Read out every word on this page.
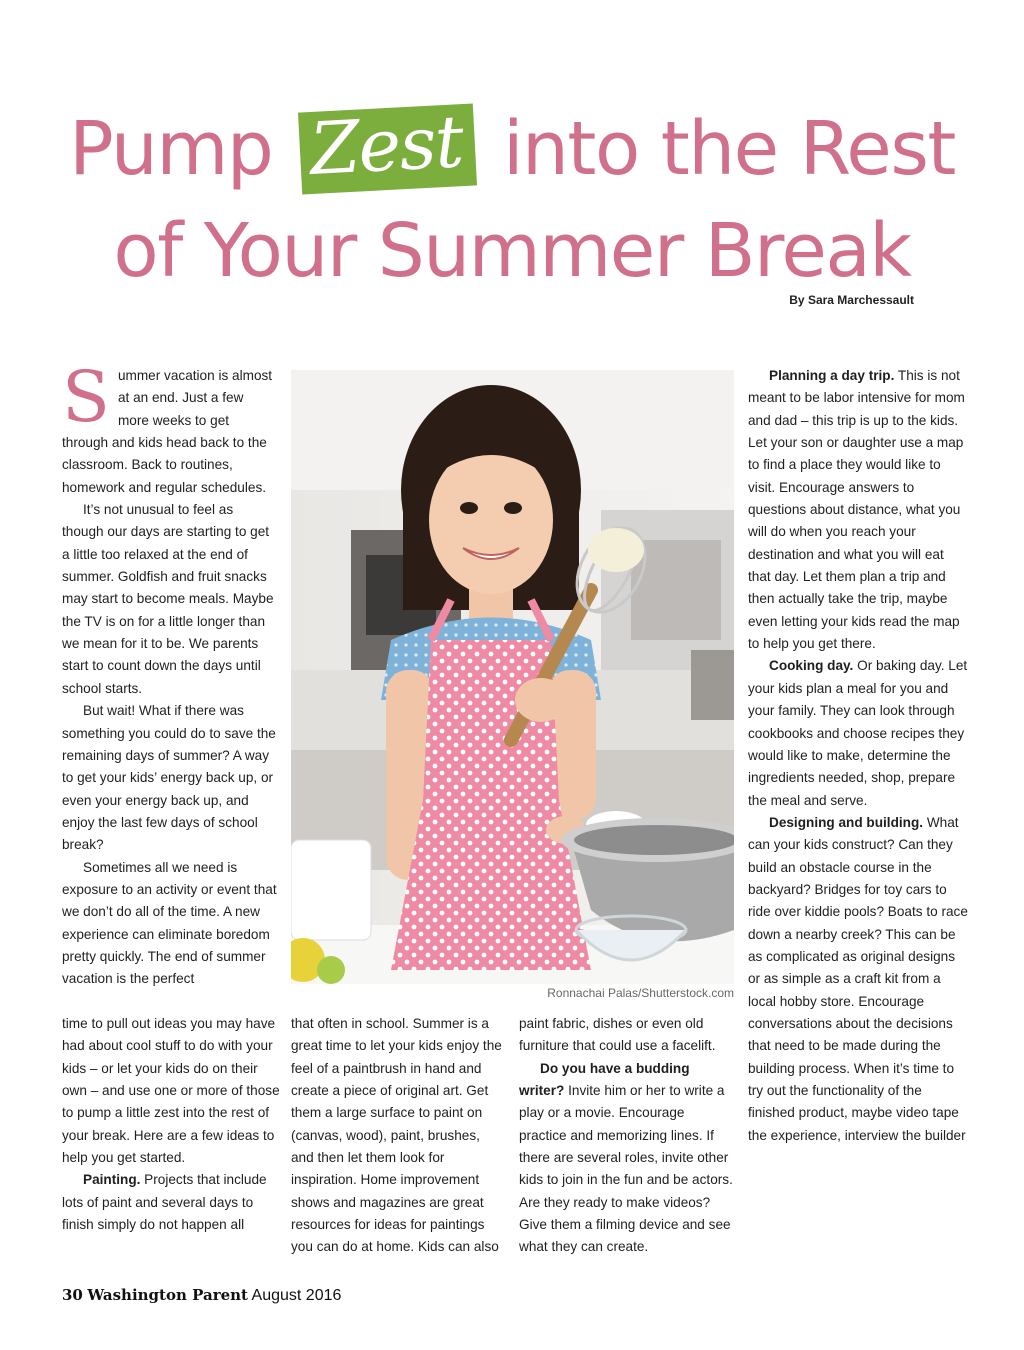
Pump Zest into the Rest
of Your Summer Break
By Sara Marchessault

Summer vacation is almost at an end. Just a few more weeks to get through and kids head back to the classroom. Back to routines, homework and regular schedules.

It’s not unusual to feel as though our days are starting to get a little too relaxed at the end of summer. Goldfish and fruit snacks may start to become meals. Maybe the TV is on for a little longer than we mean for it to be. We parents start to count down the days until school starts.

But wait! What if there was something you could do to save the remaining days of summer? A way to get your kids’ energy back up, or even your energy back up, and enjoy the last few days of school break?

Sometimes all we need is exposure to an activity or event that we don’t do all of the time. A new experience can eliminate boredom pretty quickly. The end of summer vacation is the perfect

time to pull out ideas you may have had about cool stuff to do with your kids – or let your kids do on their own – and use one or more of those to pump a little zest into the rest of your break. Here are a few ideas to help you get started.

Painting. Projects that include lots of paint and several days to finish simply do not happen all

that often in school. Summer is a great time to let your kids enjoy the feel of a paintbrush in hand and create a piece of original art. Get them a large surface to paint on (canvas, wood), paint, brushes, and then let them look for inspiration. Home improvement shows and magazines are great resources for ideas for paintings you can do at home. Kids can also

paint fabric, dishes or even old furniture that could use a facelift.

Do you have a budding writer? Invite him or her to write a play or a movie. Encourage practice and memorizing lines. If there are several roles, invite other kids to join in the fun and be actors. Are they ready to make videos? Give them a filming device and see what they can create.

Planning a day trip. This is not meant to be labor intensive for mom and dad – this trip is up to the kids. Let your son or daughter use a map to find a place they would like to visit. Encourage answers to questions about distance, what you will do when you reach your destination and what you will eat that day. Let them plan a trip and then actually take the trip, maybe even letting your kids read the map to help you get there.

Cooking day. Or baking day. Let your kids plan a meal for you and your family. They can look through cookbooks and choose recipes they would like to make, determine the ingredients needed, shop, prepare the meal and serve.

Designing and building. What can your kids construct? Can they build an obstacle course in the backyard? Bridges for toy cars to ride over kiddie pools? Boats to race down a nearby creek? This can be as complicated as original designs or as simple as a craft kit from a local hobby store. Encourage conversations about the decisions that need to be made during the building process. When it’s time to try out the functionality of the finished product, maybe video tape the experience, interview the builder

Ronnachai Palas/Shutterstock.com
30 Washington Parent August 2016
